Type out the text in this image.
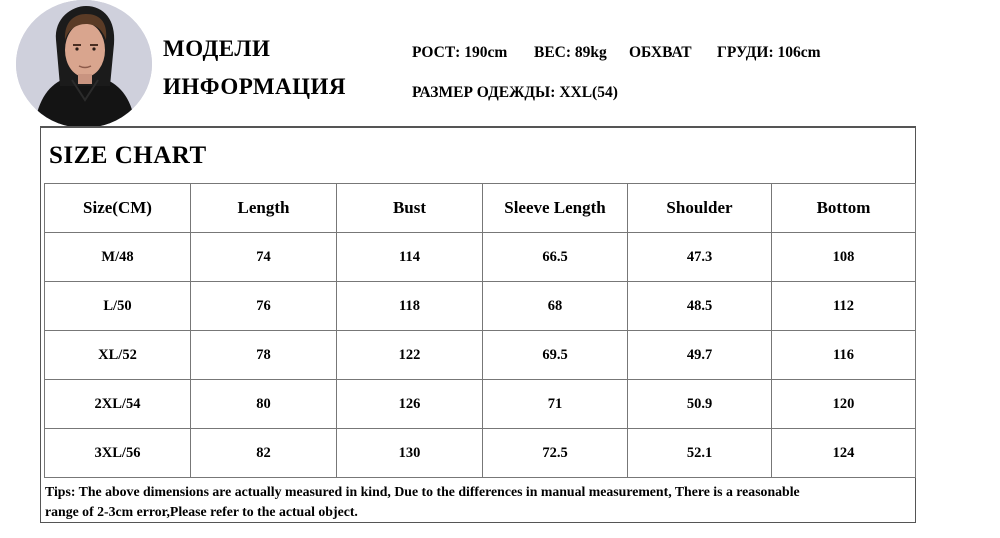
МОДЕЛИ
ИНФОРМАЦИЯ
РОСТ: 190cm ВЕС: 89kg ОБХВАТ ГРУДИ: 106cm
РАЗМЕР ОДЕЖДЫ: XXL(54)
SIZE CHART
Size(CM)	Length	Bust	Sleeve Length	Shoulder	Bottom
M/48	74	114	66.5	47.3	108
L/50	76	118	68	48.5	112
XL/52	78	122	69.5	49.7	116
2XL/54	80	126	71	50.9	120
3XL/56	82	130	72.5	52.1	124
Tips: The above dimensions are actually measured in kind, Due to the differences in manual measurement, There is a reasonable
range of 2-3cm error,Please refer to the actual object.
